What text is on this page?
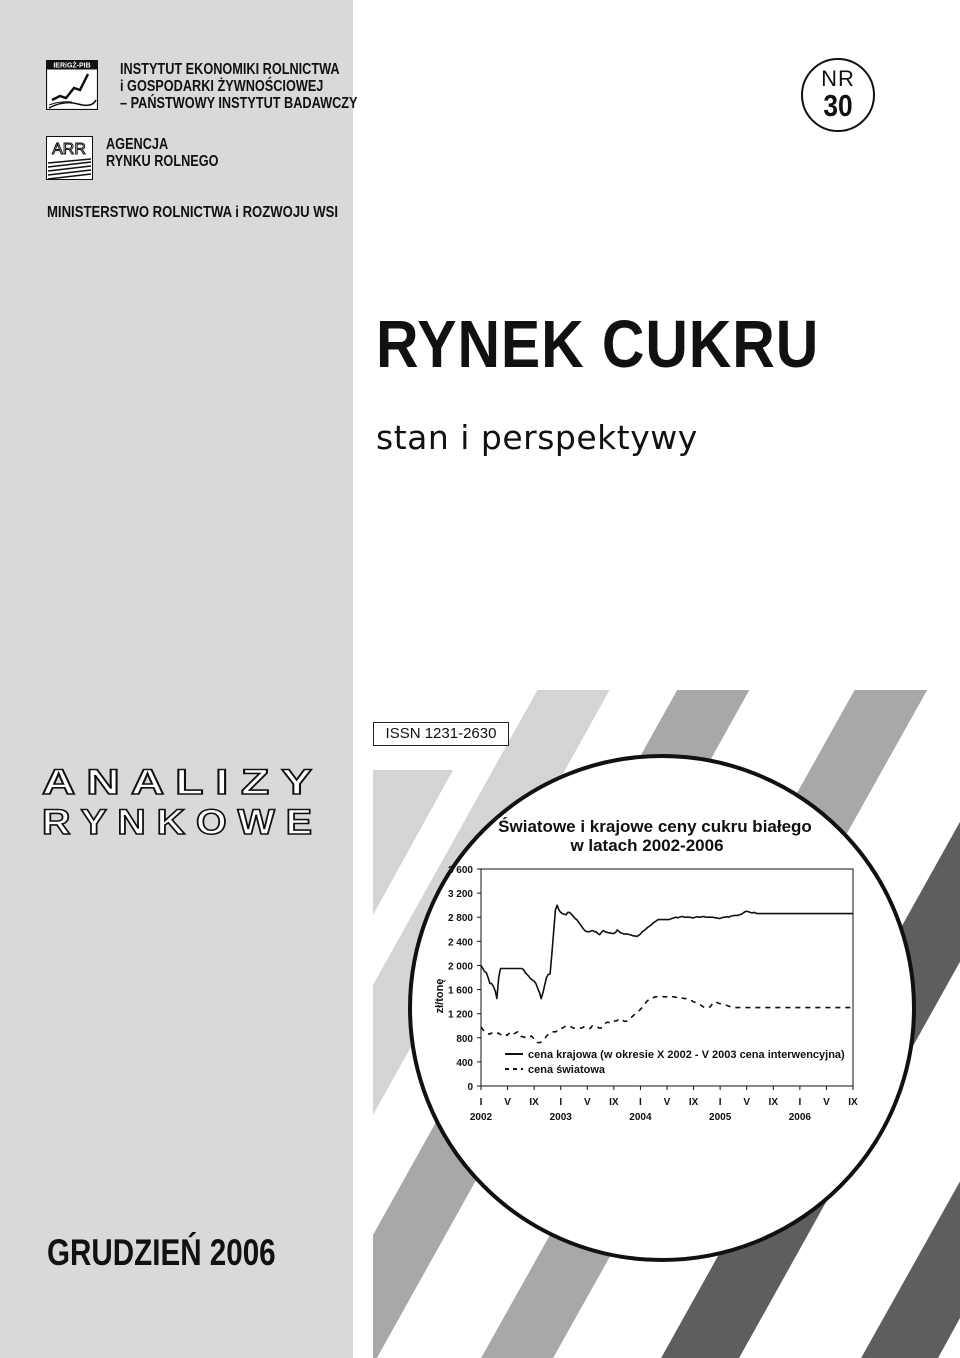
IERiGŻ-PIB INSTYTUT EKONOMIKI ROLNICTWA
i GOSPODARKI ŻYWNOŚCIOWEJ
– PAŃSTWOWY INSTYTUT BADAWCZY
ARR AGENCJA
RYNKU ROLNEGO
MINISTERSTWO ROLNICTWA i ROZWOJU WSI
A N A L I Z Y
R Y N K O W E
GRUDZIEŃ 2006
NR
30
RYNEK CUKRU
stan i perspektywy
Światowe i krajowe ceny cukru białego
w latach 2002-2006
zł/tonę
0
400
800
1 200
1 600
2 000
2 400
2 800
3 200
3 600
I V IX I V IX I V IX I V IX I V IX
2002	2003	2004	2005	2006
cena krajowa (w okresie X 2002 - V 2003 cena interwencyjna)
cena światowa
ISSN 1231-2630
